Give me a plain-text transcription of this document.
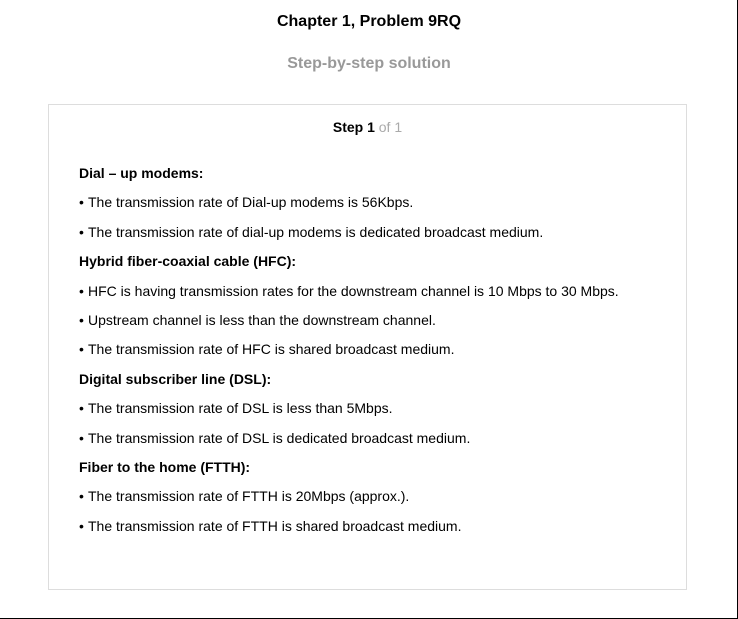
Chapter 1, Problem 9RQ
Step-by-step solution
Step 1 of 1
Dial – up modems:
• The transmission rate of Dial-up modems is 56Kbps.
• The transmission rate of dial-up modems is dedicated broadcast medium.
Hybrid fiber-coaxial cable (HFC):
• HFC is having transmission rates for the downstream channel is 10 Mbps to 30 Mbps.
• Upstream channel is less than the downstream channel.
• The transmission rate of HFC is shared broadcast medium.
Digital subscriber line (DSL):
• The transmission rate of DSL is less than 5Mbps.
• The transmission rate of DSL is dedicated broadcast medium.
Fiber to the home (FTTH):
• The transmission rate of FTTH is 20Mbps (approx.).
• The transmission rate of FTTH is shared broadcast medium.
